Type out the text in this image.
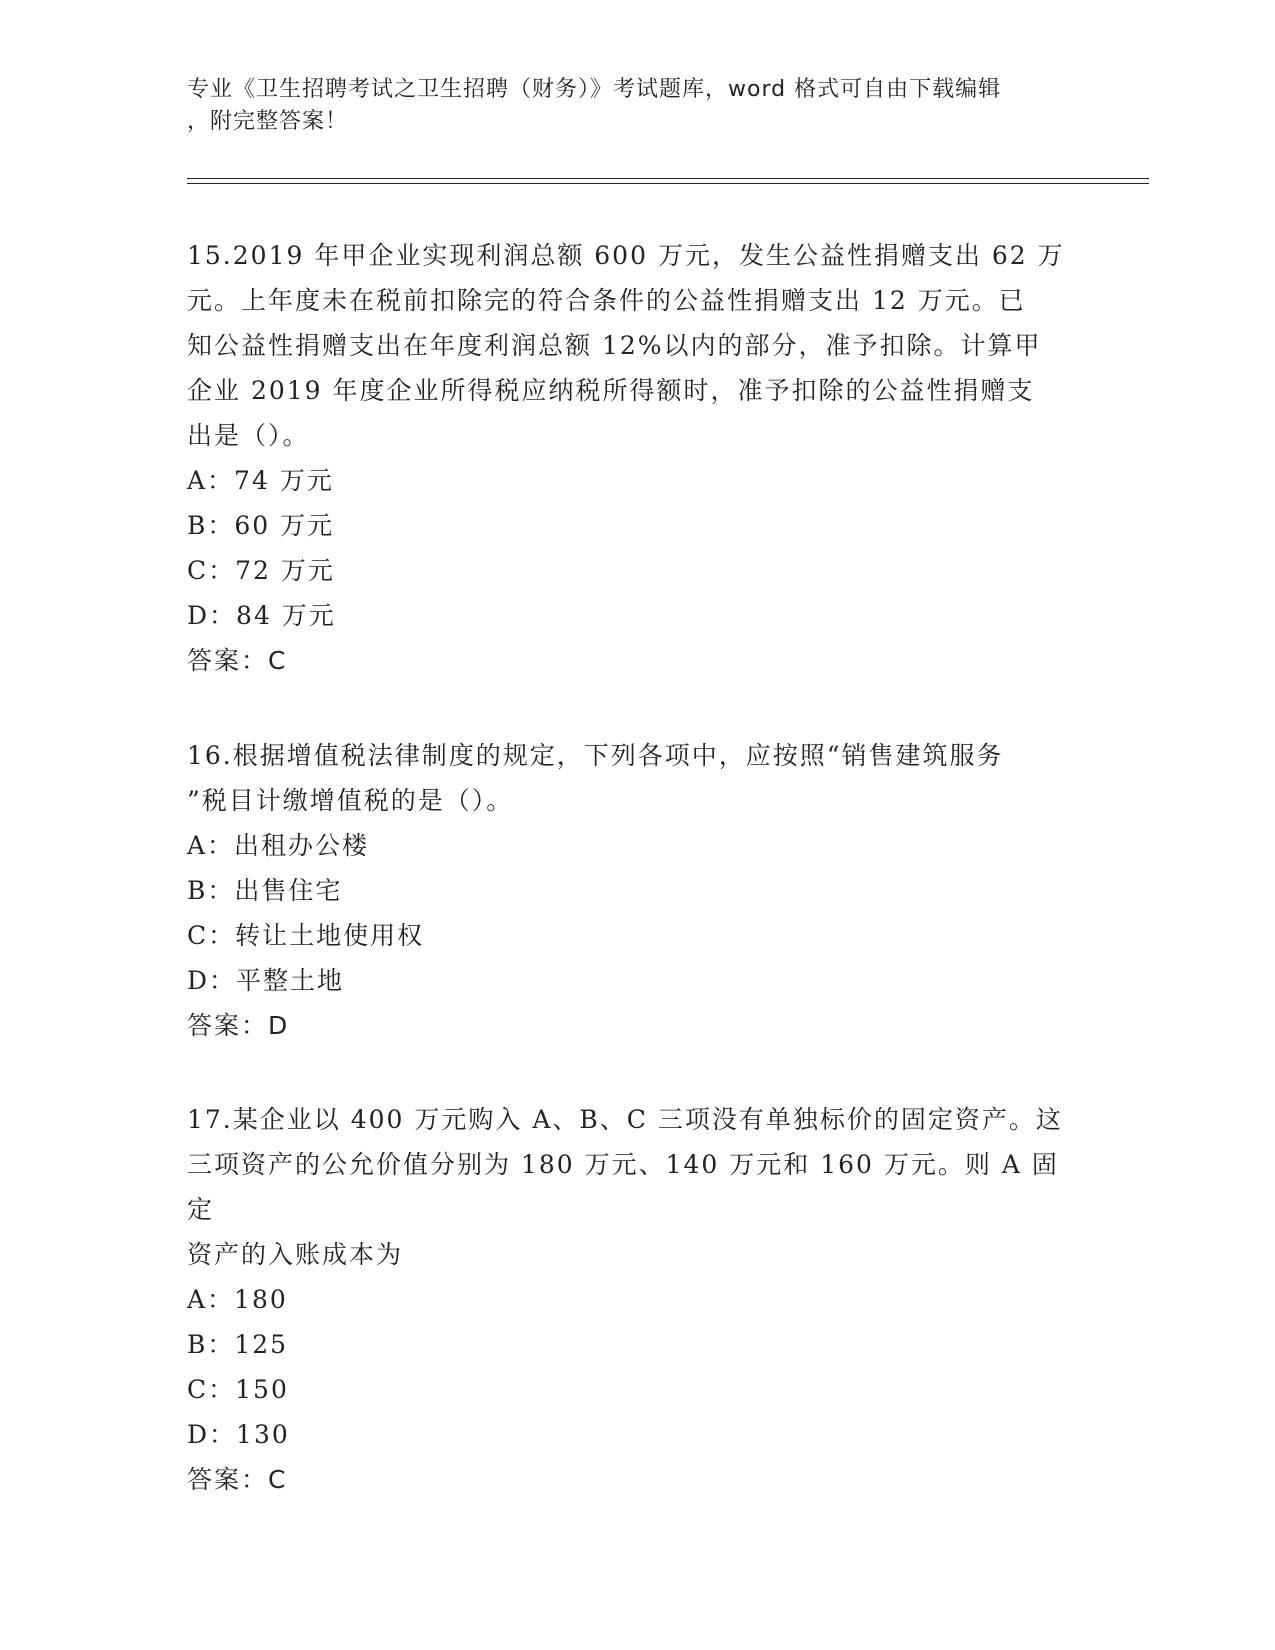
专业《卫生招聘考试之卫生招聘（财务）》考试题库，word 格式可自由下载编辑
，附完整答案！

15.2019 年甲企业实现利润总额 600 万元，发生公益性捐赠支出 62 万

元。上年度未在税前扣除完的符合条件的公益性捐赠支出 12 万元。已

知公益性捐赠支出在年度利润总额 12%以内的部分，准予扣除。计算甲

企业 2019 年度企业所得税应纳税所得额时，准予扣除的公益性捐赠支

出是（）。

A：74 万元

B：60 万元

C：72 万元

D：84 万元

答案：C

16.根据增值税法律制度的规定，下列各项中，应按照“销售建筑服务

”税目计缴增值税的是（）。

A：出租办公楼

B：出售住宅

C：转让土地使用权

D：平整土地

答案：D

17.某企业以 400 万元购入 A、B、C 三项没有单独标价的固定资产。这

三项资产的公允价值分别为 180 万元、140 万元和 160 万元。则 A 固定

资产的入账成本为

A：180

B：125

C：150

D：130

答案：C
